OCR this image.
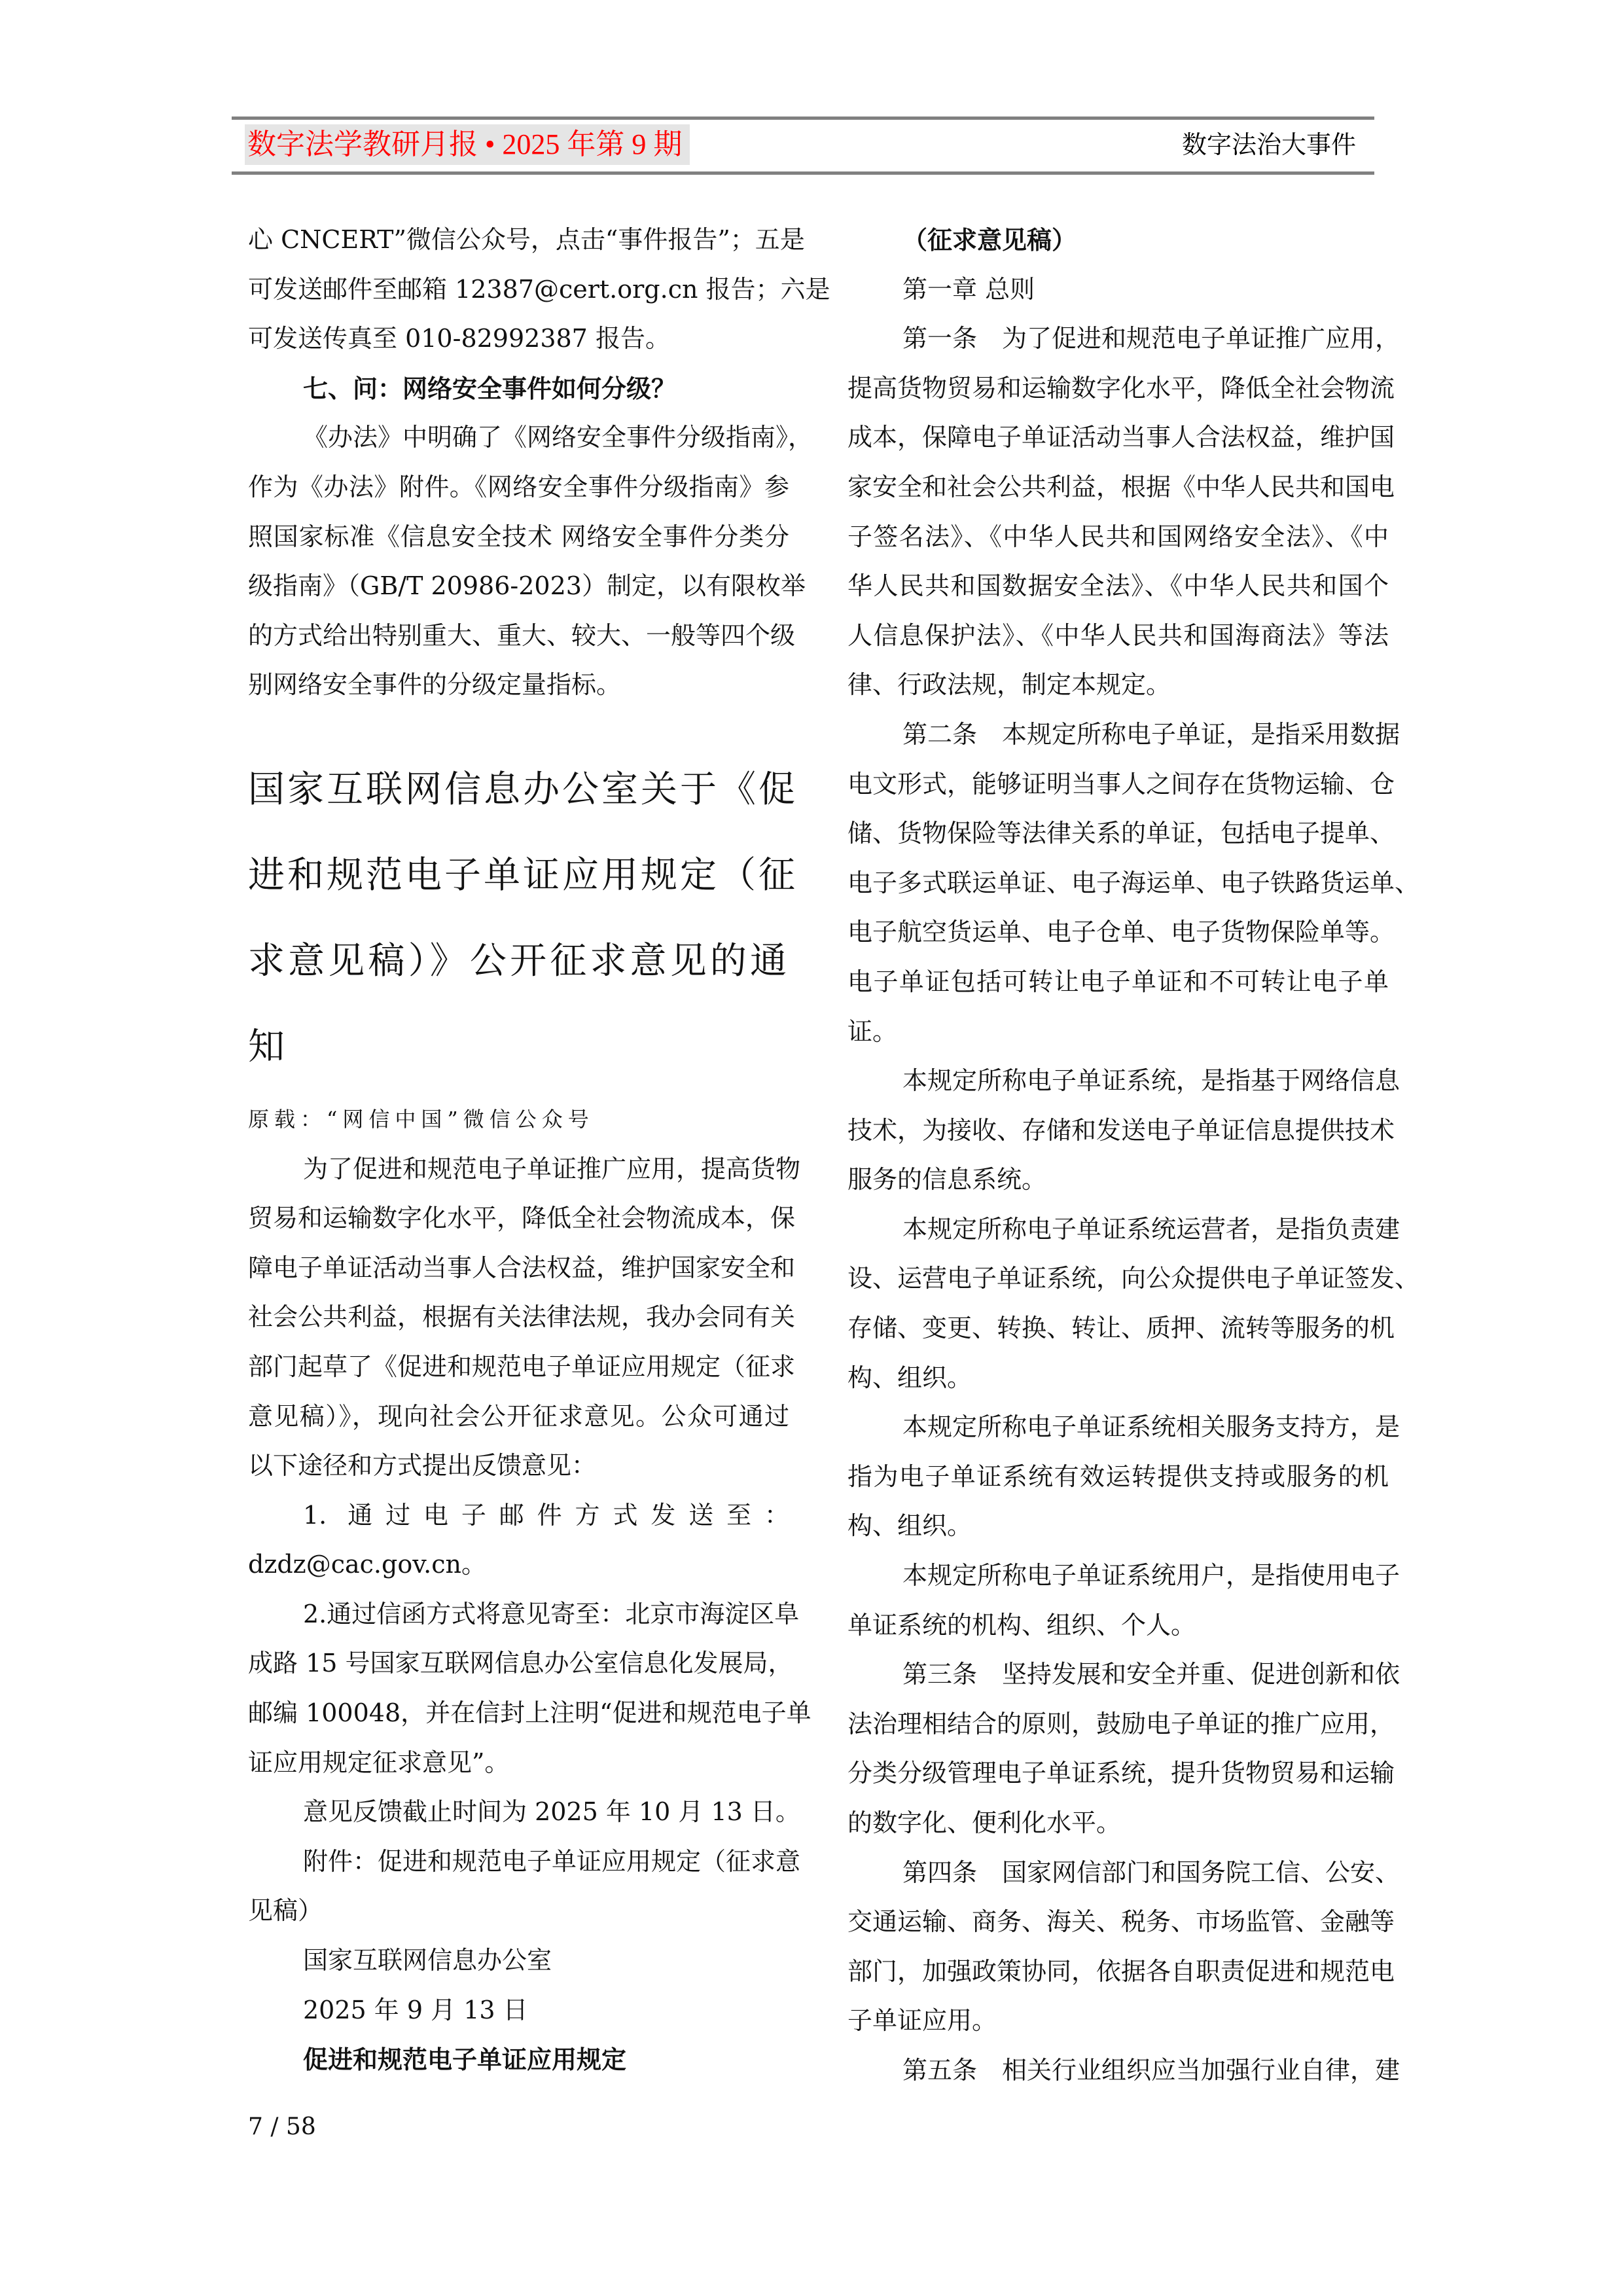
数字法学教研月报 • 2025 年第 9 期	数字法治大事件
心 CNCERT”微信公众号，点击“事件报告”；五是
可发送邮件至邮箱 12387@cert.org.cn 报告；六是
可发送传真至 010-82992387 报告。
七、问：网络安全事件如何分级？
《办法》中明确了《网络安全事件分级指南》，
作为《办法》附件。《网络安全事件分级指南》参
照国家标准《信息安全技术 网络安全事件分类分
级指南》（GB/T 20986-2023）制定，以有限枚举
的方式给出特别重大、重大、较大、一般等四个级
别网络安全事件的分级定量指标。
国家互联网信息办公室关于《促
进和规范电子单证应用规定（征
求意见稿）》公开征求意见的通
知
原载：“网信中国”微信公众号
为了促进和规范电子单证推广应用，提高货物
贸易和运输数字化水平，降低全社会物流成本，保
障电子单证活动当事人合法权益，维护国家安全和
社会公共利益，根据有关法律法规，我办会同有关
部门起草了《促进和规范电子单证应用规定（征求
意见稿）》，现向社会公开征求意见。公众可通过
以下途径和方式提出反馈意见：
1. 通过电子邮件方式发送至：
dzdz@cac.gov.cn。
2.通过信函方式将意见寄至：北京市海淀区阜
成路 15 号国家互联网信息办公室信息化发展局，
邮编 100048，并在信封上注明“促进和规范电子单
证应用规定征求意见”。
意见反馈截止时间为 2025 年 10 月 13 日。
附件：促进和规范电子单证应用规定（征求意
见稿）
国家互联网信息办公室
2025 年 9 月 13 日
促进和规范电子单证应用规定
（征求意见稿）
第一章 总则
第一条　为了促进和规范电子单证推广应用，
提高货物贸易和运输数字化水平，降低全社会物流
成本，保障电子单证活动当事人合法权益，维护国
家安全和社会公共利益，根据《中华人民共和国电
子签名法》、《中华人民共和国网络安全法》、《中
华人民共和国数据安全法》、《中华人民共和国个
人信息保护法》、《中华人民共和国海商法》等法
律、行政法规，制定本规定。
第二条　本规定所称电子单证，是指采用数据
电文形式，能够证明当事人之间存在货物运输、仓
储、货物保险等法律关系的单证，包括电子提单、
电子多式联运单证、电子海运单、电子铁路货运单、
电子航空货运单、电子仓单、电子货物保险单等。
电子单证包括可转让电子单证和不可转让电子单
证。
本规定所称电子单证系统，是指基于网络信息
技术，为接收、存储和发送电子单证信息提供技术
服务的信息系统。
本规定所称电子单证系统运营者，是指负责建
设、运营电子单证系统，向公众提供电子单证签发、
存储、变更、转换、转让、质押、流转等服务的机
构、组织。
本规定所称电子单证系统相关服务支持方，是
指为电子单证系统有效运转提供支持或服务的机
构、组织。
本规定所称电子单证系统用户，是指使用电子
单证系统的机构、组织、个人。
第三条　坚持发展和安全并重、促进创新和依
法治理相结合的原则，鼓励电子单证的推广应用，
分类分级管理电子单证系统，提升货物贸易和运输
的数字化、便利化水平。
第四条　国家网信部门和国务院工信、公安、
交通运输、商务、海关、税务、市场监管、金融等
部门，加强政策协同，依据各自职责促进和规范电
子单证应用。
第五条　相关行业组织应当加强行业自律，建
7 / 58
